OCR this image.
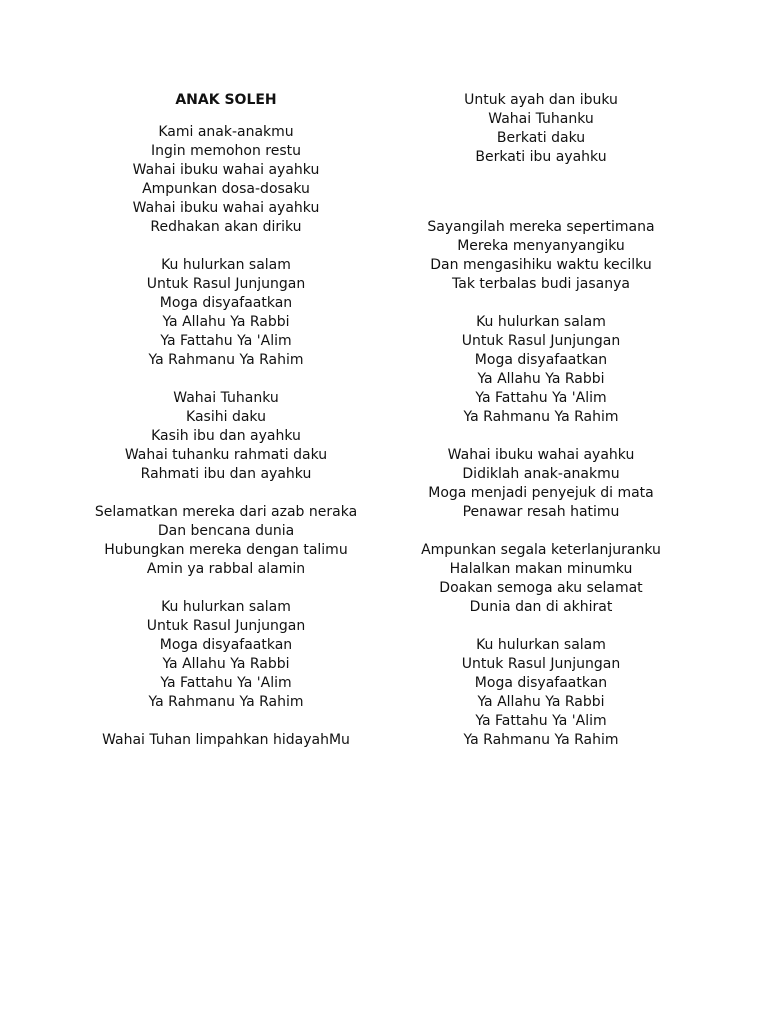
ANAK SOLEH
Kami anak-anakmu
Ingin memohon restu
Wahai ibuku wahai ayahku
Ampunkan dosa-dosaku
Wahai ibuku wahai ayahku
Redhakan akan diriku
Ku hulurkan salam
Untuk Rasul Junjungan
Moga disyafaatkan
Ya Allahu Ya Rabbi
Ya Fattahu Ya 'Alim
Ya Rahmanu Ya Rahim
Wahai Tuhanku
Kasihi daku
Kasih ibu dan ayahku
Wahai tuhanku rahmati daku
Rahmati ibu dan ayahku
Selamatkan mereka dari azab neraka
Dan bencana dunia
Hubungkan mereka dengan talimu
Amin ya rabbal alamin
Ku hulurkan salam
Untuk Rasul Junjungan
Moga disyafaatkan
Ya Allahu Ya Rabbi
Ya Fattahu Ya 'Alim
Ya Rahmanu Ya Rahim
Wahai Tuhan limpahkan hidayahMu
Untuk ayah dan ibuku
Wahai Tuhanku
Berkati daku
Berkati ibu ayahku
Sayangilah mereka sepertimana
Mereka menyanyangiku
Dan mengasihiku waktu kecilku
Tak terbalas budi jasanya
Ku hulurkan salam
Untuk Rasul Junjungan
Moga disyafaatkan
Ya Allahu Ya Rabbi
Ya Fattahu Ya 'Alim
Ya Rahmanu Ya Rahim
Wahai ibuku wahai ayahku
Didiklah anak-anakmu
Moga menjadi penyejuk di mata
Penawar resah hatimu
Ampunkan segala keterlanjuranku
Halalkan makan minumku
Doakan semoga aku selamat
Dunia dan di akhirat
Ku hulurkan salam
Untuk Rasul Junjungan
Moga disyafaatkan
Ya Allahu Ya Rabbi
Ya Fattahu Ya 'Alim
Ya Rahmanu Ya Rahim
